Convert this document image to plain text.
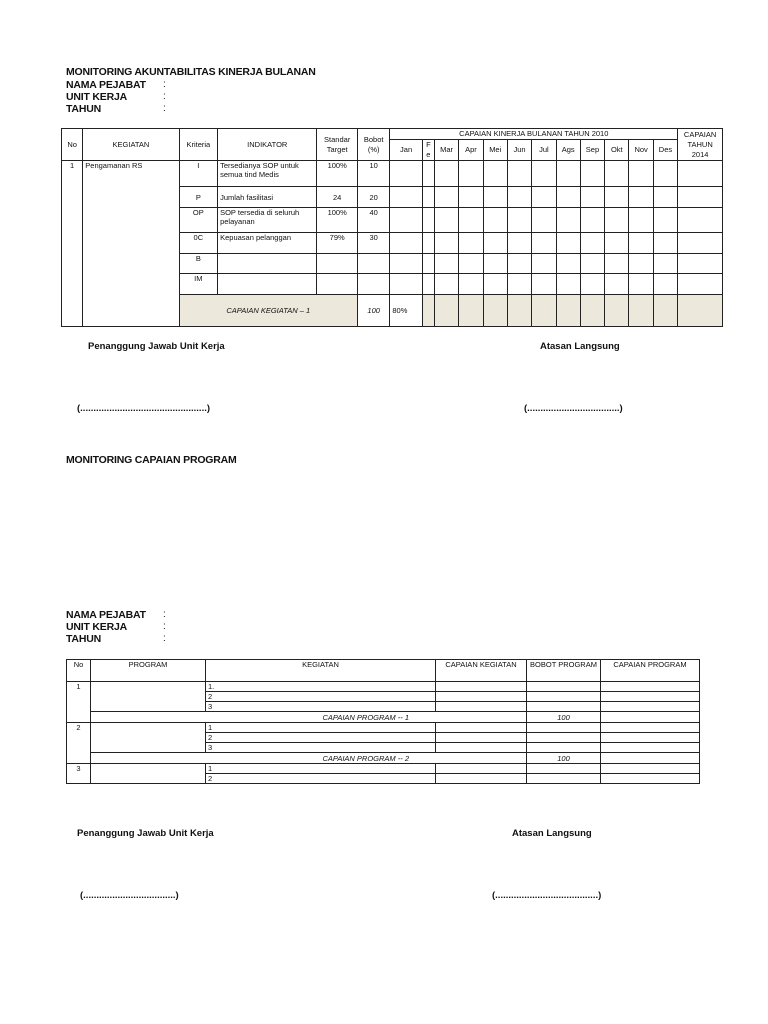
MONITORING AKUNTABILITAS KINERJA BULANAN
NAMA PEJABAT :
UNIT KERJA	:
TAHUN	:
No	KEGIATAN	Kriteria	INDIKATOR	Standar Target	Bobot (%)	CAPAIAN KINERJA BULANAN TAHUN 2010												CAPAIAN TAHUN 2014
						Jan	F e	Mar	Apr	Mei	Jun	Jul	Ags	Sep	Okt	Nov	Des	
1	Pengamanan RS	I	Tersedianya SOP untuk semua tind Medis	100%	10													
		P	Jumlah fasilitasi	24	20													
		OP	SOP tersedia di seluruh pelayanan	100%	40													
		0C	Kepuasan pelanggan	79%	30													
		B																
		IM																
		CAPAIAN KEGIATAN – 1			100	80%												
Penanggung Jawab Unit Kerja	Atasan Langsung
(................................................)	(...................................)
MONITORING CAPAIAN PROGRAM
NAMA PEJABAT :
UNIT KERJA	:
TAHUN	:
No	PROGRAM	KEGIATAN	CAPAIAN KEGIATAN	BOBOT PROGRAM	CAPAIAN PROGRAM
1		1.			
		2			
		3			
		CAPAIAN PROGRAM -- 1		100	
2		1			
		2			
		3			
		CAPAIAN PROGRAM -- 2		100	
3		1			
		2			
Penanggung Jawab Unit Kerja	Atasan Langsung
(...................................)	(.......................................)
